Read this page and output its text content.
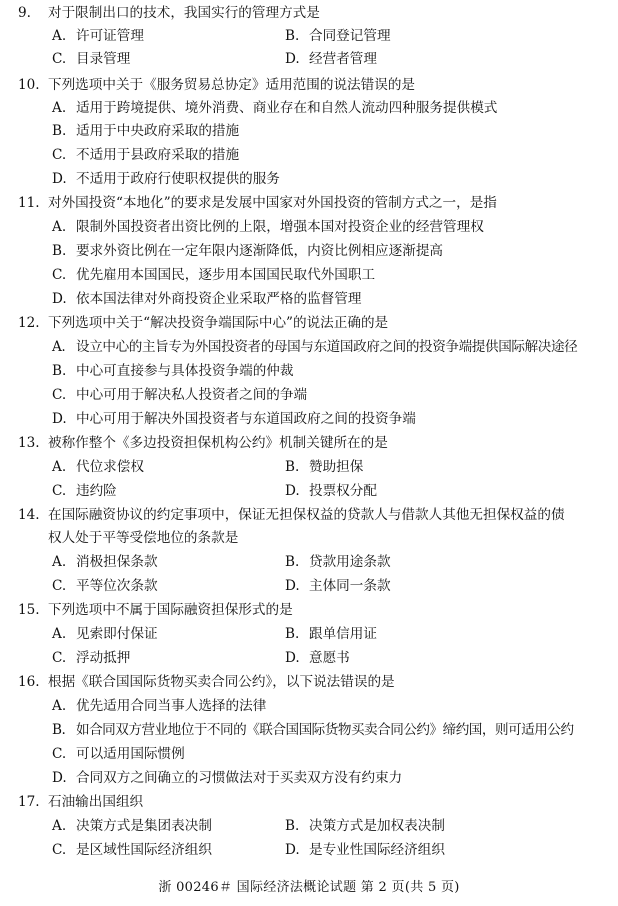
9. 对于限制出口的技术，我国实行的管理方式是
A. 许可证管理	B. 合同登记管理
C. 目录管理	D. 经营者管理
10. 下列选项中关于《服务贸易总协定》适用范围的说法错误的是
A. 适用于跨境提供、境外消费、商业存在和自然人流动四种服务提供模式
B. 适用于中央政府采取的措施
C. 不适用于县政府采取的措施
D. 不适用于政府行使职权提供的服务
11. 对外国投资“本地化”的要求是发展中国家对外国投资的管制方式之一，是指
A. 限制外国投资者出资比例的上限，增强本国对投资企业的经营管理权
B. 要求外资比例在一定年限内逐渐降低，内资比例相应逐渐提高
C. 优先雇用本国国民，逐步用本国国民取代外国职工
D. 依本国法律对外商投资企业采取严格的监督管理
12. 下列选项中关于“解决投资争端国际中心”的说法正确的是
A. 设立中心的主旨专为外国投资者的母国与东道国政府之间的投资争端提供国际解决途径
B. 中心可直接参与具体投资争端的仲裁
C. 中心可用于解决私人投资者之间的争端
D. 中心可用于解决外国投资者与东道国政府之间的投资争端
13. 被称作整个《多边投资担保机构公约》机制关键所在的是
A. 代位求偿权	B. 赞助担保
C. 违约险	D. 投票权分配
14. 在国际融资协议的约定事项中，保证无担保权益的贷款人与借款人其他无担保权益的债
权人处于平等受偿地位的条款是
A. 消极担保条款	B. 贷款用途条款
C. 平等位次条款	D. 主体同一条款
15. 下列选项中不属于国际融资担保形式的是
A. 见索即付保证	B. 跟单信用证
C. 浮动抵押	D. 意愿书
16. 根据《联合国国际货物买卖合同公约》，以下说法错误的是
A. 优先适用合同当事人选择的法律
B. 如合同双方营业地位于不同的《联合国国际货物买卖合同公约》缔约国，则可适用公约
C. 可以适用国际惯例
D. 合同双方之间确立的习惯做法对于买卖双方没有约束力
17. 石油输出国组织
A. 决策方式是集团表决制	B. 决策方式是加权表决制
C. 是区域性国际经济组织	D. 是专业性国际经济组织
浙 00246＃ 国际经济法概论试题 第 2 页(共 5 页)
